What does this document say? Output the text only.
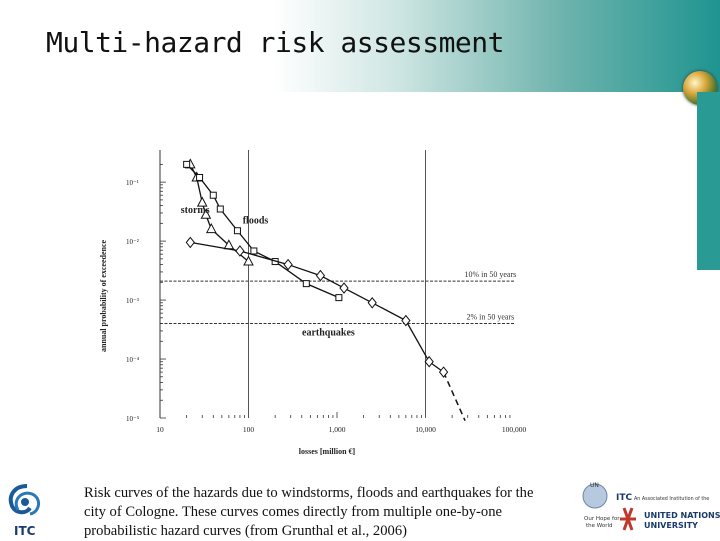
Multi-hazard risk assessment
10⁻¹
10⁻²
10⁻³
10⁻⁴
10⁻⁵
10	100	1,000	10,000	100,000
losses [million €]
annual probability of exceedence	10% in 50 years
2% in 50 years
storms
floods
earthquakes
Risk curves of the hazards due to windstorms, floods and earthquakes for the
city of Cologne. These curves comes directly from multiple one-by-one
probabilistic hazard curves (from Grunthal et al., 2006)
ITC
UN
Our Hope for
the World
ITC An Associated Institution of the
UNITED NATIONS
UNIVERSITY
